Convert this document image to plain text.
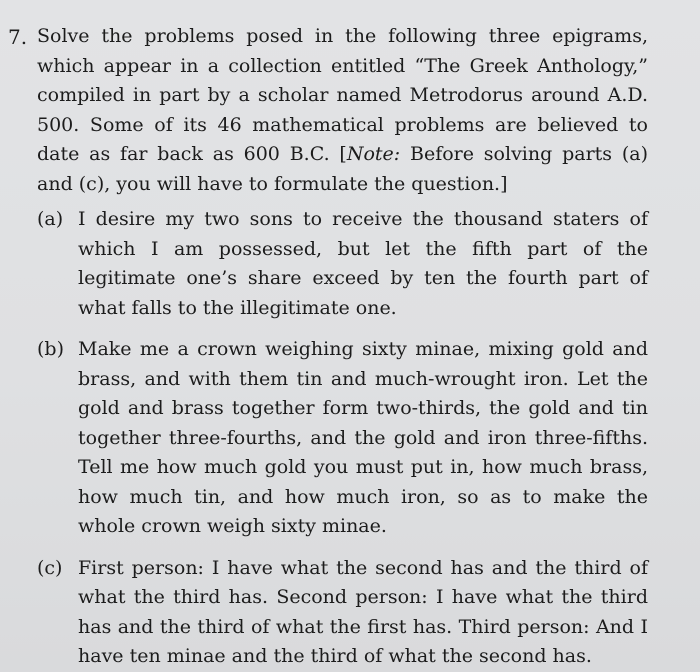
7. Solve the problems posed in the following three epigrams, which appear in a collection entitled “The Greek Anthology,” compiled in part by a scholar named Metrodorus around A.D. 500. Some of its 46 mathematical problems are believed to date as far back as 600 B.C. [Note: Before solving parts (a) and (c), you will have to formulate the question.]
(a) I desire my two sons to receive the thousand staters of which I am possessed, but let the fifth part of the legitimate one’s share exceed by ten the fourth part of what falls to the illegitimate one.
(b) Make me a crown weighing sixty minae, mixing gold and brass, and with them tin and much-wrought iron. Let the gold and brass together form two-thirds, the gold and tin together three-fourths, and the gold and iron three-fifths. Tell me how much gold you must put in, how much brass, how much tin, and how much iron, so as to make the whole crown weigh sixty minae.
(c) First person: I have what the second has and the third of what the third has. Second person: I have what the third has and the third of what the first has. Third person: And I have ten minae and the third of what the second has.
